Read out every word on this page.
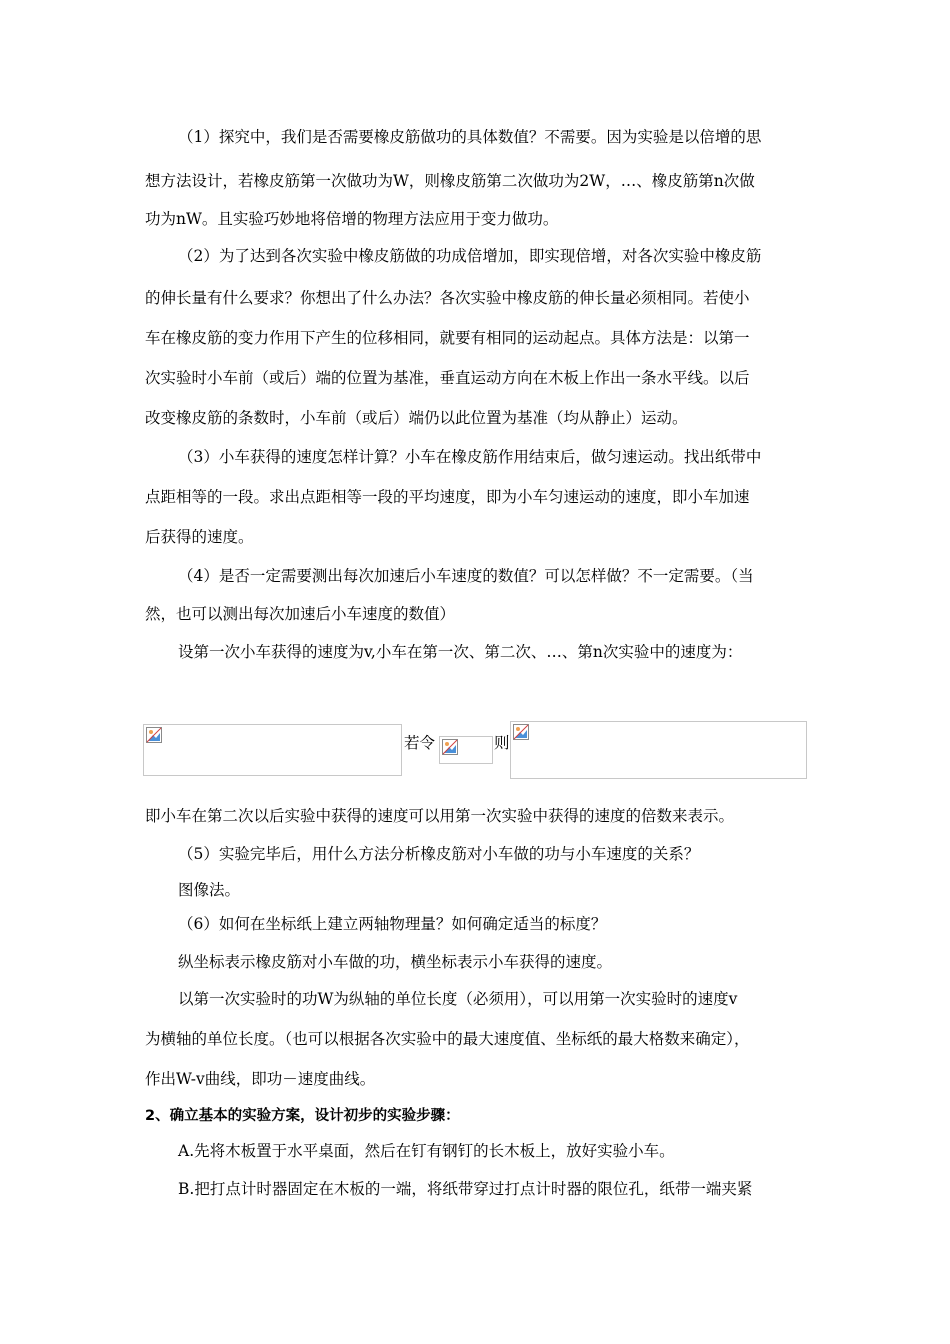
（1）探究中，我们是否需要橡皮筋做功的具体数值？不需要。因为实验是以倍增的思
想方法设计，若橡皮筋第一次做功为W，则橡皮筋第二次做功为2W，…、橡皮筋第n次做
功为nW。且实验巧妙地将倍增的物理方法应用于变力做功。
（2）为了达到各次实验中橡皮筋做的功成倍增加，即实现倍增，对各次实验中橡皮筋
的伸长量有什么要求？你想出了什么办法？各次实验中橡皮筋的伸长量必须相同。若使小
车在橡皮筋的变力作用下产生的位移相同，就要有相同的运动起点。具体方法是：以第一
次实验时小车前（或后）端的位置为基准，垂直运动方向在木板上作出一条水平线。以后
改变橡皮筋的条数时，小车前（或后）端仍以此位置为基准（均从静止）运动。
（3）小车获得的速度怎样计算？小车在橡皮筋作用结束后，做匀速运动。找出纸带中
点距相等的一段。求出点距相等一段的平均速度，即为小车匀速运动的速度，即小车加速
后获得的速度。
（4）是否一定需要测出每次加速后小车速度的数值？可以怎样做？不一定需要。（当
然，也可以测出每次加速后小车速度的数值）
设第一次小车获得的速度为v,小车在第一次、第二次、…、第n次实验中的速度为：
即小车在第二次以后实验中获得的速度可以用第一次实验中获得的速度的倍数来表示。
（5）实验完毕后，用什么方法分析橡皮筋对小车做的功与小车速度的关系？
图像法。
（6）如何在坐标纸上建立两轴物理量？如何确定适当的标度？
纵坐标表示橡皮筋对小车做的功，横坐标表示小车获得的速度。
以第一次实验时的功W为纵轴的单位长度（必须用），可以用第一次实验时的速度v
为横轴的单位长度。（也可以根据各次实验中的最大速度值、坐标纸的最大格数来确定），
作出W-v曲线，即功－速度曲线。
A.先将木板置于水平桌面，然后在钉有钢钉的长木板上，放好实验小车。
B.把打点计时器固定在木板的一端，将纸带穿过打点计时器的限位孔，纸带一端夹紧
2、确立基本的实验方案，设计初步的实验步骤：
若令	则
